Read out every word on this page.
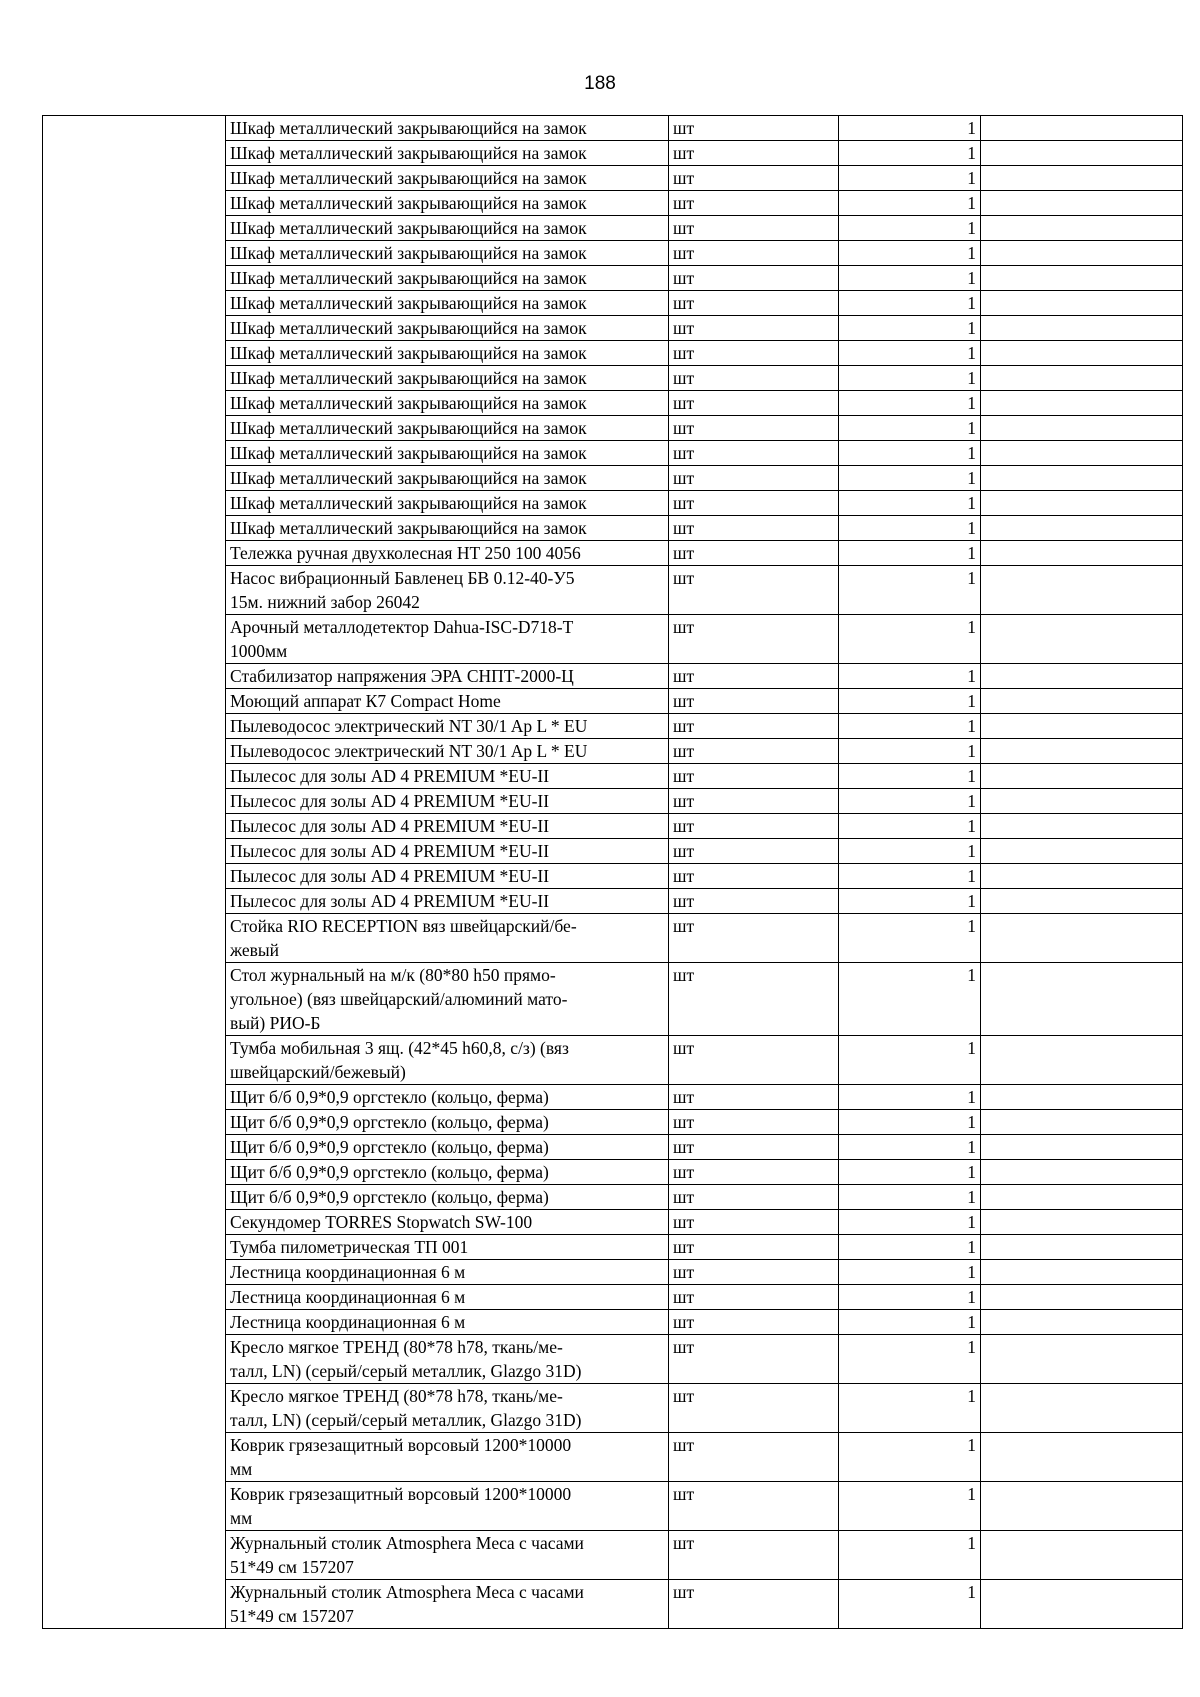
188

	Шкаф металлический закрывающийся на замок	шт	1	

	Шкаф металлический закрывающийся на замок	шт	1	

	Шкаф металлический закрывающийся на замок	шт	1	

	Шкаф металлический закрывающийся на замок	шт	1	

	Шкаф металлический закрывающийся на замок	шт	1	

	Шкаф металлический закрывающийся на замок	шт	1	

	Шкаф металлический закрывающийся на замок	шт	1	

	Шкаф металлический закрывающийся на замок	шт	1	

	Шкаф металлический закрывающийся на замок	шт	1	

	Шкаф металлический закрывающийся на замок	шт	1	

	Шкаф металлический закрывающийся на замок	шт	1	

	Шкаф металлический закрывающийся на замок	шт	1	

	Шкаф металлический закрывающийся на замок	шт	1	

	Шкаф металлический закрывающийся на замок	шт	1	

	Шкаф металлический закрывающийся на замок	шт	1	

	Шкаф металлический закрывающийся на замок	шт	1	

	Шкаф металлический закрывающийся на замок	шт	1	

	Тележка ручная двухколесная НТ 250 100 4056	шт	1	

	Насос вибрационный Бавленец БВ 0.12-40-У5
15м. нижний забор 26042	шт	1	

	Арочный металлодетектор Dahua-ISC-D718-T
1000мм	шт	1	

	Стабилизатор напряжения ЭРА СНПТ-2000-Ц	шт	1	

	Моющий аппарат К7 Compact Home	шт	1	

	Пылеводосос электрический NT 30/1 Ap L * EU	шт	1	

	Пылеводосос электрический NT 30/1 Ap L * EU	шт	1	

	Пылесос для золы AD 4 PREMIUM *EU-II	шт	1	

	Пылесос для золы AD 4 PREMIUM *EU-II	шт	1	

	Пылесос для золы AD 4 PREMIUM *EU-II	шт	1	

	Пылесос для золы AD 4 PREMIUM *EU-II	шт	1	

	Пылесос для золы AD 4 PREMIUM *EU-II	шт	1	

	Пылесос для золы AD 4 PREMIUM *EU-II	шт	1	

	Стойка RIO RECEPTION вяз швейцарский/бе-
жевый	шт	1	

	Стол журнальный на м/к (80*80 h50 прямо-
угольное) (вяз швейцарский/алюминий мато-
вый) РИО-Б	шт	1	

	Тумба мобильная 3 ящ. (42*45 h60,8, с/з) (вяз
швейцарский/бежевый)	шт	1	

	Щит б/б 0,9*0,9 оргстекло (кольцо, ферма)	шт	1	

	Щит б/б 0,9*0,9 оргстекло (кольцо, ферма)	шт	1	

	Щит б/б 0,9*0,9 оргстекло (кольцо, ферма)	шт	1	

	Щит б/б 0,9*0,9 оргстекло (кольцо, ферма)	шт	1	

	Щит б/б 0,9*0,9 оргстекло (кольцо, ферма)	шт	1	

	Секундомер TORRES Stopwatch SW-100	шт	1	

	Тумба пилометрическая ТП 001	шт	1	

	Лестница координационная 6 м	шт	1	

	Лестница координационная 6 м	шт	1	

	Лестница координационная 6 м	шт	1	

	Кресло мягкое ТРЕНД (80*78 h78, ткань/ме-
талл, LN) (серый/серый металлик, Glazgo 31D)	шт	1	

	Кресло мягкое ТРЕНД (80*78 h78, ткань/ме-
талл, LN) (серый/серый металлик, Glazgo 31D)	шт	1	

	Коврик грязезащитный ворсовый 1200*10000
мм	шт	1	

	Коврик грязезащитный ворсовый 1200*10000
мм	шт	1	

	Журнальный столик Atmosphera Meca с часами
51*49 см 157207	шт	1	

	Журнальный столик Atmosphera Meca с часами
51*49 см 157207	шт	1	
